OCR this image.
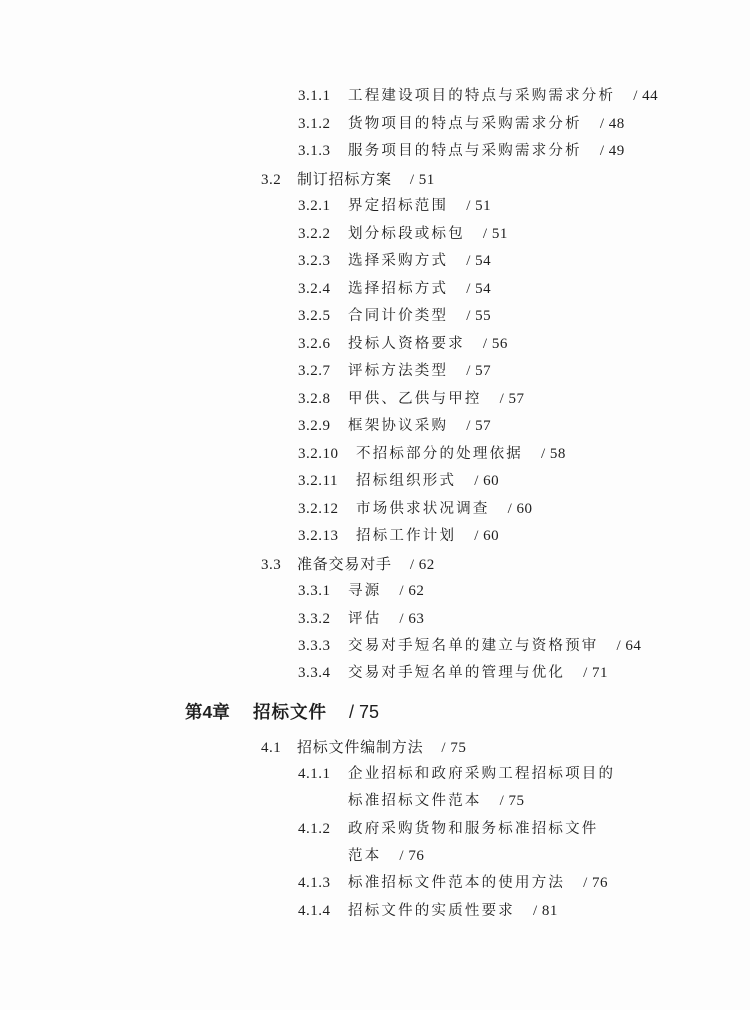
3.1.1 工程建设项目的特点与采购需求分析 / 44
3.1.2 货物项目的特点与采购需求分析 / 48
3.1.3 服务项目的特点与采购需求分析 / 49
3.2 制订招标方案 / 51
3.2.1 界定招标范围 / 51
3.2.2 划分标段或标包 / 51
3.2.3 选择采购方式 / 54
3.2.4 选择招标方式 / 54
3.2.5 合同计价类型 / 55
3.2.6 投标人资格要求 / 56
3.2.7 评标方法类型 / 57
3.2.8 甲供、乙供与甲控 / 57
3.2.9 框架协议采购 / 57
3.2.10 不招标部分的处理依据 / 58
3.2.11 招标组织形式 / 60
3.2.12 市场供求状况调查 / 60
3.2.13 招标工作计划 / 60
3.3 准备交易对手 / 62
3.3.1 寻源 / 62
3.3.2 评估 / 63
3.3.3 交易对手短名单的建立与资格预审 / 64
3.3.4 交易对手短名单的管理与优化 / 71
第4章 招标文件 / 75
4.1 招标文件编制方法 / 75
4.1.1 企业招标和政府采购工程招标项目的
标准招标文件范本 / 75
4.1.2 政府采购货物和服务标准招标文件
范本 / 76
4.1.3 标准招标文件范本的使用方法 / 76
4.1.4 招标文件的实质性要求 / 81
